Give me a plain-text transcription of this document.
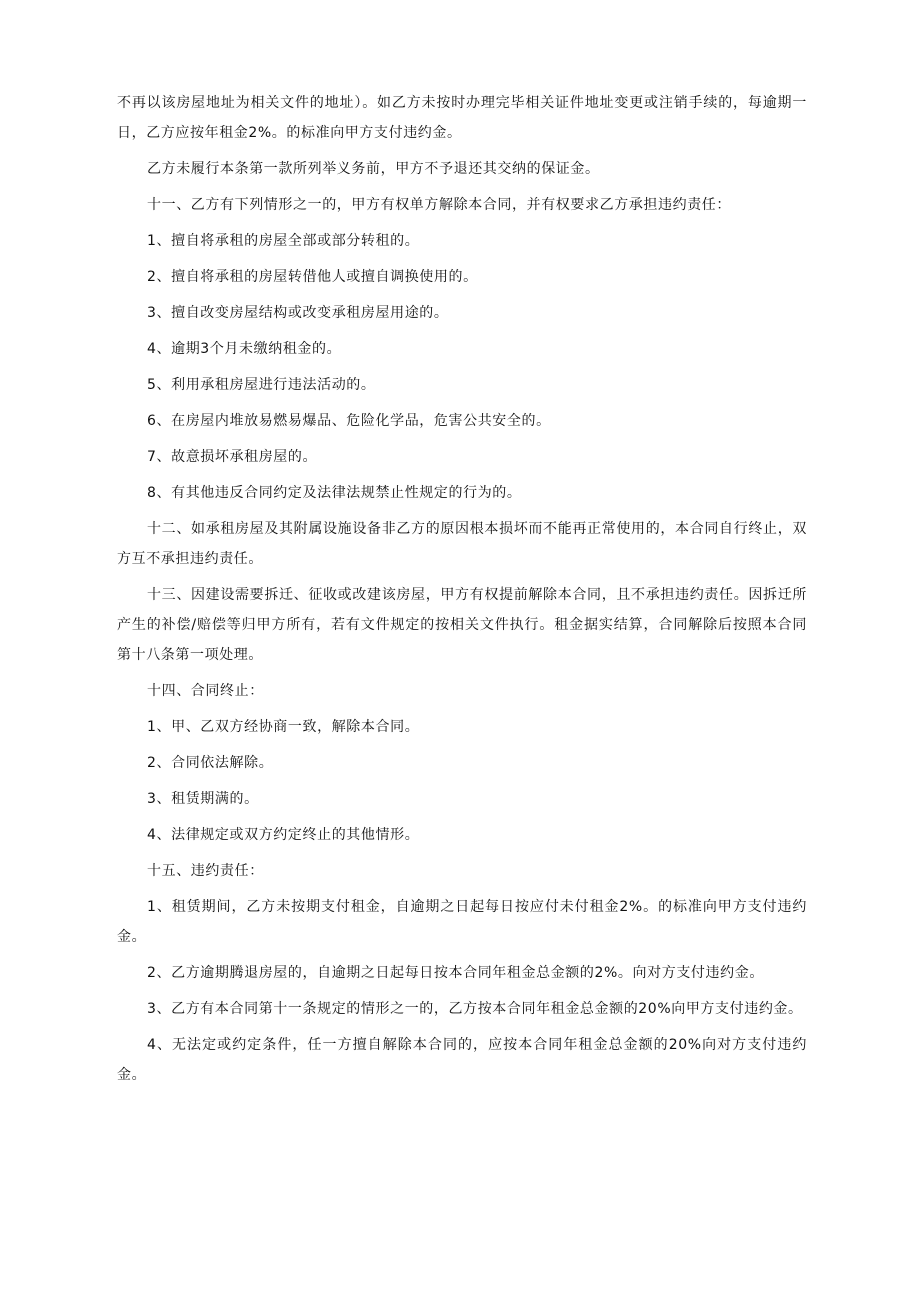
不再以该房屋地址为相关文件的地址）。如乙方未按时办理完毕相关证件地址变更或注销手续的，每逾期一日，乙方应按年租金2%。的标准向甲方支付违约金。

乙方未履行本条第一款所列举义务前，甲方不予退还其交纳的保证金。

十一、乙方有下列情形之一的，甲方有权单方解除本合同，并有权要求乙方承担违约责任：

1、擅自将承租的房屋全部或部分转租的。

2、擅自将承租的房屋转借他人或擅自调换使用的。

3、擅自改变房屋结构或改变承租房屋用途的。

4、逾期3个月未缴纳租金的。

5、利用承租房屋进行违法活动的。

6、在房屋内堆放易燃易爆品、危险化学品，危害公共安全的。

7、故意损坏承租房屋的。

8、有其他违反合同约定及法律法规禁止性规定的行为的。

十二、如承租房屋及其附属设施设备非乙方的原因根本损坏而不能再正常使用的，本合同自行终止，双方互不承担违约责任。

十三、因建设需要拆迁、征收或改建该房屋，甲方有权提前解除本合同，且不承担违约责任。因拆迁所产生的补偿/赔偿等归甲方所有，若有文件规定的按相关文件执行。租金据实结算，合同解除后按照本合同第十八条第一项处理。

十四、合同终止：

1、甲、乙双方经协商一致，解除本合同。

2、合同依法解除。

3、租赁期满的。

4、法律规定或双方约定终止的其他情形。

十五、违约责任：

1、租赁期间，乙方未按期支付租金，自逾期之日起每日按应付未付租金2%。的标准向甲方支付违约金。

2、乙方逾期腾退房屋的，自逾期之日起每日按本合同年租金总金额的2%。向对方支付违约金。

3、乙方有本合同第十一条规定的情形之一的，乙方按本合同年租金总金额的20%向甲方支付违约金。

4、无法定或约定条件，任一方擅自解除本合同的，应按本合同年租金总金额的20%向对方支付违约金。
